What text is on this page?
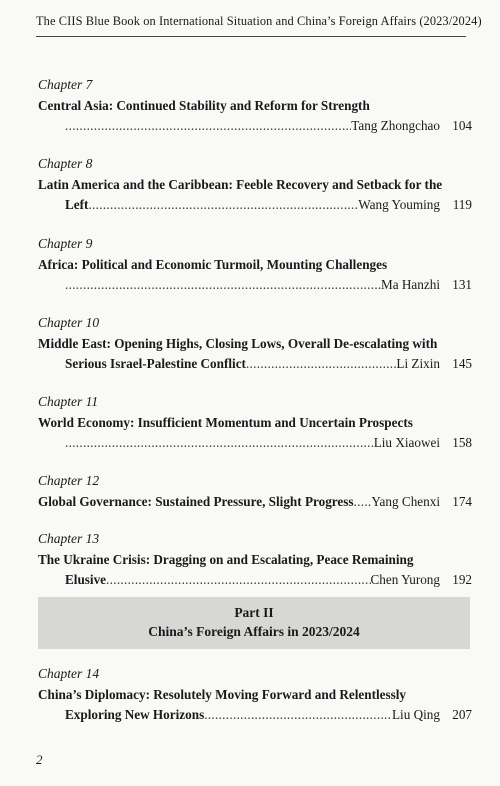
The CIIS Blue Book on International Situation and China’s Foreign Affairs (2023/2024)
Chapter 7
Central Asia: Continued Stability and Reform for Strength
.....
Tang Zhongchao 104
Chapter 8
Latin America and the Caribbean: Feeble Recovery and Setback for the
Left .....	Wang Youming 119
Chapter 9
Africa: Political and Economic Turmoil, Mounting Challenges
.....
Ma Hanzhi 131
Chapter 10
Middle East: Opening Highs, Closing Lows, Overall De-escalating with
Serious Israel-Palestine Conflict .....	Li Zixin 145
Chapter 11
World Economy: Insufficient Momentum and Uncertain Prospects
.....
Liu Xiaowei 158
Chapter 12
Global Governance: Sustained Pressure, Slight Progress ..... Yang Chenxi 174
Chapter 13
The Ukraine Crisis: Dragging on and Escalating, Peace Remaining
Elusive .....	Chen Yurong 192
Part II
China’s Foreign Affairs in 2023/2024
Chapter 14
China’s Diplomacy: Resolutely Moving Forward and Relentlessly
Exploring New Horizons .....	Liu Qing 207
2
